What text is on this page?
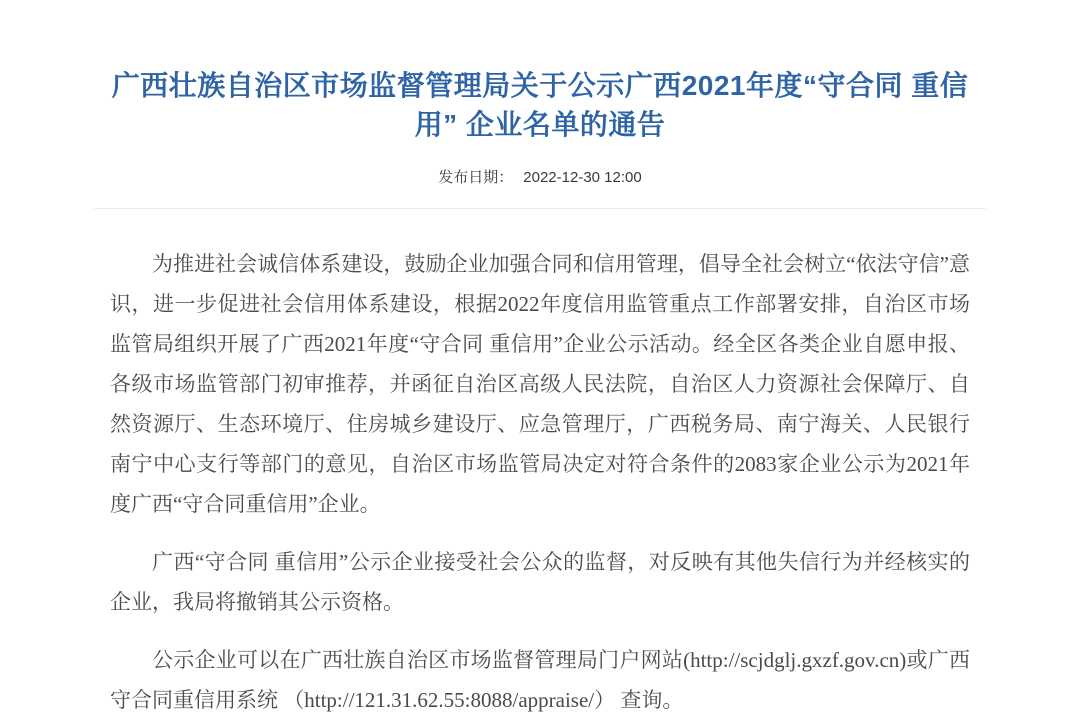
广西壮族自治区市场监督管理局关于公示广西2021年度“守合同 重信用” 企业名单的通告
发布日期： 2022-12-30 12:00

为推进社会诚信体系建设，鼓励企业加强合同和信用管理，倡导全社会树立“依法守信”意识，进一步促进社会信用体系建设，根据2022年度信用监管重点工作部署安排，自治区市场监管局组织开展了广西2021年度“守合同 重信用”企业公示活动。经全区各类企业自愿申报、各级市场监管部门初审推荐，并函征自治区高级人民法院，自治区人力资源社会保障厅、自然资源厅、生态环境厅、住房城乡建设厅、应急管理厅，广西税务局、南宁海关、人民银行南宁中心支行等部门的意见，自治区市场监管局决定对符合条件的2083家企业公示为2021年度广西“守合同重信用”企业。

广西“守合同 重信用”公示企业接受社会公众的监督，对反映有其他失信行为并经核实的企业，我局将撤销其公示资格。

公示企业可以在广西壮族自治区市场监督管理局门户网站(http://scjdglj.gxzf.gov.cn)或广西守合同重信用系统 （http://121.31.62.55:8088/appraise/） 查询。
